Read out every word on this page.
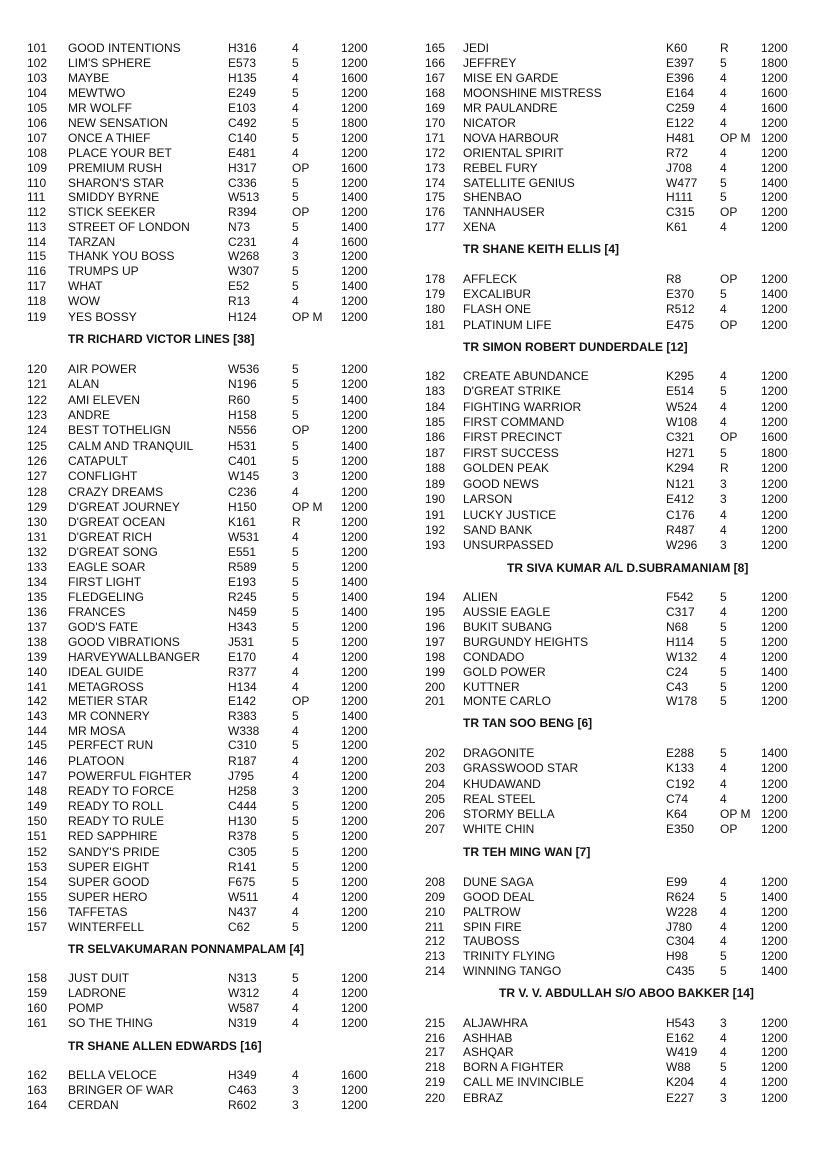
101 GOOD INTENTIONS	H316	4	1200
102 LIM'S SPHERE	E573	5	1200
103 MAYBE	H135	4	1600
104 MEWTWO	E249	5	1200
105 MR WOLFF	E103	4	1200
106 NEW SENSATION	C492	5	1800
107 ONCE A THIEF	C140	5	1200
108 PLACE YOUR BET	E481	4	1200
109 PREMIUM RUSH	H317	OP	1600
110 SHARON'S STAR	C336	5	1200
111 SMIDDY BYRNE	W513	5	1400
112 STICK SEEKER	R394	OP	1200
113 STREET OF LONDON	N73	5	1400
114 TARZAN	C231	4	1600
115 THANK YOU BOSS	W268	3	1200
116 TRUMPS UP	W307	5	1200
117 WHAT	E52	5	1400
118 WOW	R13	4	1200
119 YES BOSSY	H124	OP M 1200
TR RICHARD VICTOR LINES [38]
120 AIR POWER	W536	5	1200
121 ALAN	N196	5	1200
122 AMI ELEVEN	R60	5	1400
123 ANDRE	H158	5	1200
124 BEST TOTHELIGN	N556	OP	1200
125 CALM AND TRANQUIL	H531	5	1400
126 CATAPULT	C401	5	1200
127 CONFLIGHT	W145	3	1200
128 CRAZY DREAMS	C236	4	1200
129 D'GREAT JOURNEY	H150	OP M 1200
130 D'GREAT OCEAN	K161	R	1200
131 D'GREAT RICH	W531	4	1200
132 D'GREAT SONG	E551	5	1200
133 EAGLE SOAR	R589	5	1200
134 FIRST LIGHT	E193	5	1400
135 FLEDGELING	R245	5	1400
136 FRANCES	N459	5	1400
137 GOD'S FATE	H343	5	1200
138 GOOD VIBRATIONS	J531	5	1200
139 HARVEYWALLBANGER E170	4	1200
140 IDEAL GUIDE	R377	4	1200
141 METAGROSS	H134	4	1200
142 METIER STAR	E142	OP	1200
143 MR CONNERY	R383	5	1400
144 MR MOSA	W338	4	1200
145 PERFECT RUN	C310	5	1200
146 PLATOON	R187	4	1200
147 POWERFUL FIGHTER	J795	4	1200
148 READY TO FORCE	H258	3	1200
149 READY TO ROLL	C444	5	1200
150 READY TO RULE	H130	5	1200
151 RED SAPPHIRE	R378	5	1200
152 SANDY'S PRIDE	C305	5	1200
153 SUPER EIGHT	R141	5	1200
154 SUPER GOOD	F675	5	1200
155 SUPER HERO	W511	4	1200
156 TAFFETAS	N437	4	1200
157 WINTERFELL	C62	5	1200
TR SELVAKUMARAN PONNAMPALAM [4]
158 JUST DUIT	N313	5	1200
159 LADRONE	W312	4	1200
160 POMP	W587	4	1200
161 SO THE THING	N319	4	1200
TR SHANE ALLEN EDWARDS [16]
162 BELLA VELOCE	H349	4	1600
163 BRINGER OF WAR	C463	3	1200
164 CERDAN	R602	3	1200
165 JEDI	K60	R	1200
166 JEFFREY	E397 5	1800
167 MISE EN GARDE	E396 4	1200
168 MOONSHINE MISTRESS	E164 4	1600
169 MR PAULANDRE	C259 4	1600
170 NICATOR	E122 4	1200
171 NOVA HARBOUR	H481 OP M 1200
172 ORIENTAL SPIRIT	R72	4	1200
173 REBEL FURY	J708 4	1200
174 SATELLITE GENIUS	W477 5	1400
175 SHENBAO	H111 5	1200
176 TANNHAUSER	C315 OP 1200
177 XENA	K61	4	1200
TR SHANE KEITH ELLIS [4]
178 AFFLECK	R8	OP 1200
179 EXCALIBUR	E370 5	1400
180 FLASH ONE	R512 4	1200
181 PLATINUM LIFE	E475 OP 1200
TR SIMON ROBERT DUNDERDALE [12]
182 CREATE ABUNDANCE	K295 4	1200
183 D'GREAT STRIKE	E514 5	1200
184 FIGHTING WARRIOR	W524 4	1200
185 FIRST COMMAND	W108 4	1200
186 FIRST PRECINCT	C321 OP 1600
187 FIRST SUCCESS	H271 5	1800
188 GOLDEN PEAK	K294 R	1200
189 GOOD NEWS	N121 3	1200
190 LARSON	E412 3	1200
191 LUCKY JUSTICE	C176 4	1200
192 SAND BANK	R487 4	1200
193 UNSURPASSED	W296 3	1200
TR SIVA KUMAR A/L D.SUBRAMANIAM [8]
194 ALIEN	F542 5	1200
195 AUSSIE EAGLE	C317 4	1200
196 BUKIT SUBANG	N68	5	1200
197 BURGUNDY HEIGHTS	H114 5	1200
198 CONDADO	W132 4	1200
199 GOLD POWER	C24	5	1400
200 KUTTNER	C43	5	1200
201 MONTE CARLO	W178 5	1200
TR TAN SOO BENG [6]
202 DRAGONITE	E288 5	1400
203 GRASSWOOD STAR	K133 4	1200
204 KHUDAWAND	C192 4	1200
205 REAL STEEL	C74	4	1200
206 STORMY BELLA	K64	OP M 1200
207 WHITE CHIN	E350 OP 1200
TR TEH MING WAN [7]
208 DUNE SAGA	E99	4	1200
209 GOOD DEAL	R624 5	1400
210 PALTROW	W228 4	1200
211 SPIN FIRE	J780 4	1200
212 TAUBOSS	C304 4	1200
213 TRINITY FLYING	H98	5	1200
214 WINNING TANGO	C435 5	1400
TR V. V. ABDULLAH S/O ABOO BAKKER [14]
215 ALJAWHRA	H543 3	1200
216 ASHHAB	E162 4	1200
217 ASHQAR	W419 4	1200
218 BORN A FIGHTER	W88 5	1200
219 CALL ME INVINCIBLE	K204 4	1200
220 EBRAZ	E227 3	1200
